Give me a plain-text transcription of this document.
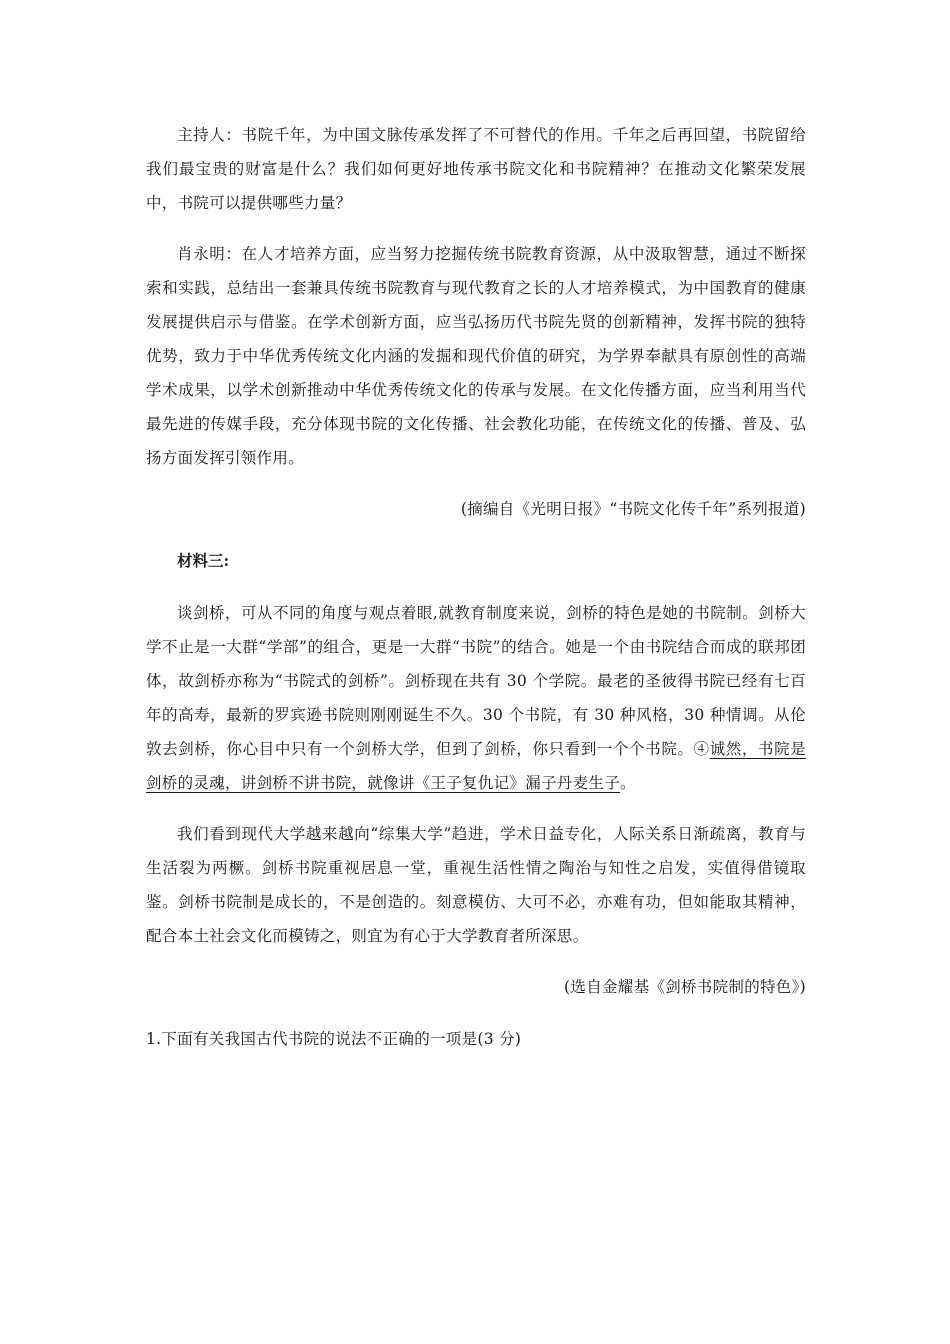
主持人：书院千年，为中国文脉传承发挥了不可替代的作用。千年之后再回望，书院留给我们最宝贵的财富是什么？我们如何更好地传承书院文化和书院精神？在推动文化繁荣发展中，书院可以提供哪些力量？

肖永明：在人才培养方面，应当努力挖掘传统书院教育资源，从中汲取智慧，通过不断探索和实践，总结出一套兼具传统书院教育与现代教育之长的人才培养模式，为中国教育的健康发展提供启示与借鉴。在学术创新方面，应当弘扬历代书院先贤的创新精神，发挥书院的独特优势，致力于中华优秀传统文化内涵的发掘和现代价值的研究，为学界奉献具有原创性的高端学术成果，以学术创新推动中华优秀传统文化的传承与发展。在文化传播方面，应当利用当代最先进的传媒手段，充分体现书院的文化传播、社会教化功能，在传统文化的传播、普及、弘扬方面发挥引领作用。

(摘编自《光明日报》“书院文化传千年”系列报道)

材料三:

谈剑桥，可从不同的角度与观点着眼,就教育制度来说，剑桥的特色是她的书院制。剑桥大学不止是一大群“学部”的组合，更是一大群“书院”的结合。她是一个由书院结合而成的联邦团体，故剑桥亦称为“书院式的剑桥”。剑桥现在共有 30 个学院。最老的圣彼得书院已经有七百年的高寿，最新的罗宾逊书院则刚刚诞生不久。30 个书院，有 30 种风格，30 种情调。从伦敦去剑桥，你心目中只有一个剑桥大学，但到了剑桥，你只看到一个个书院。④诚然，书院是剑桥的灵魂，讲剑桥不讲书院，就像讲《王子复仇记》漏子丹麦生子。

我们看到现代大学越来越向“综集大学”趋进，学术日益专化，人际关系日渐疏离，教育与生活裂为两橛。剑桥书院重视居息一堂，重视生活性情之陶治与知性之启发，实值得借镜取鉴。剑桥书院制是成长的，不是创造的。刻意模仿、大可不必，亦难有功，但如能取其精神，配合本土社会文化而模铸之，则宜为有心于大学教育者所深思。

(选自金耀基《剑桥书院制的特色》)

1.下面有关我国古代书院的说法不正确的一项是(3 分)
